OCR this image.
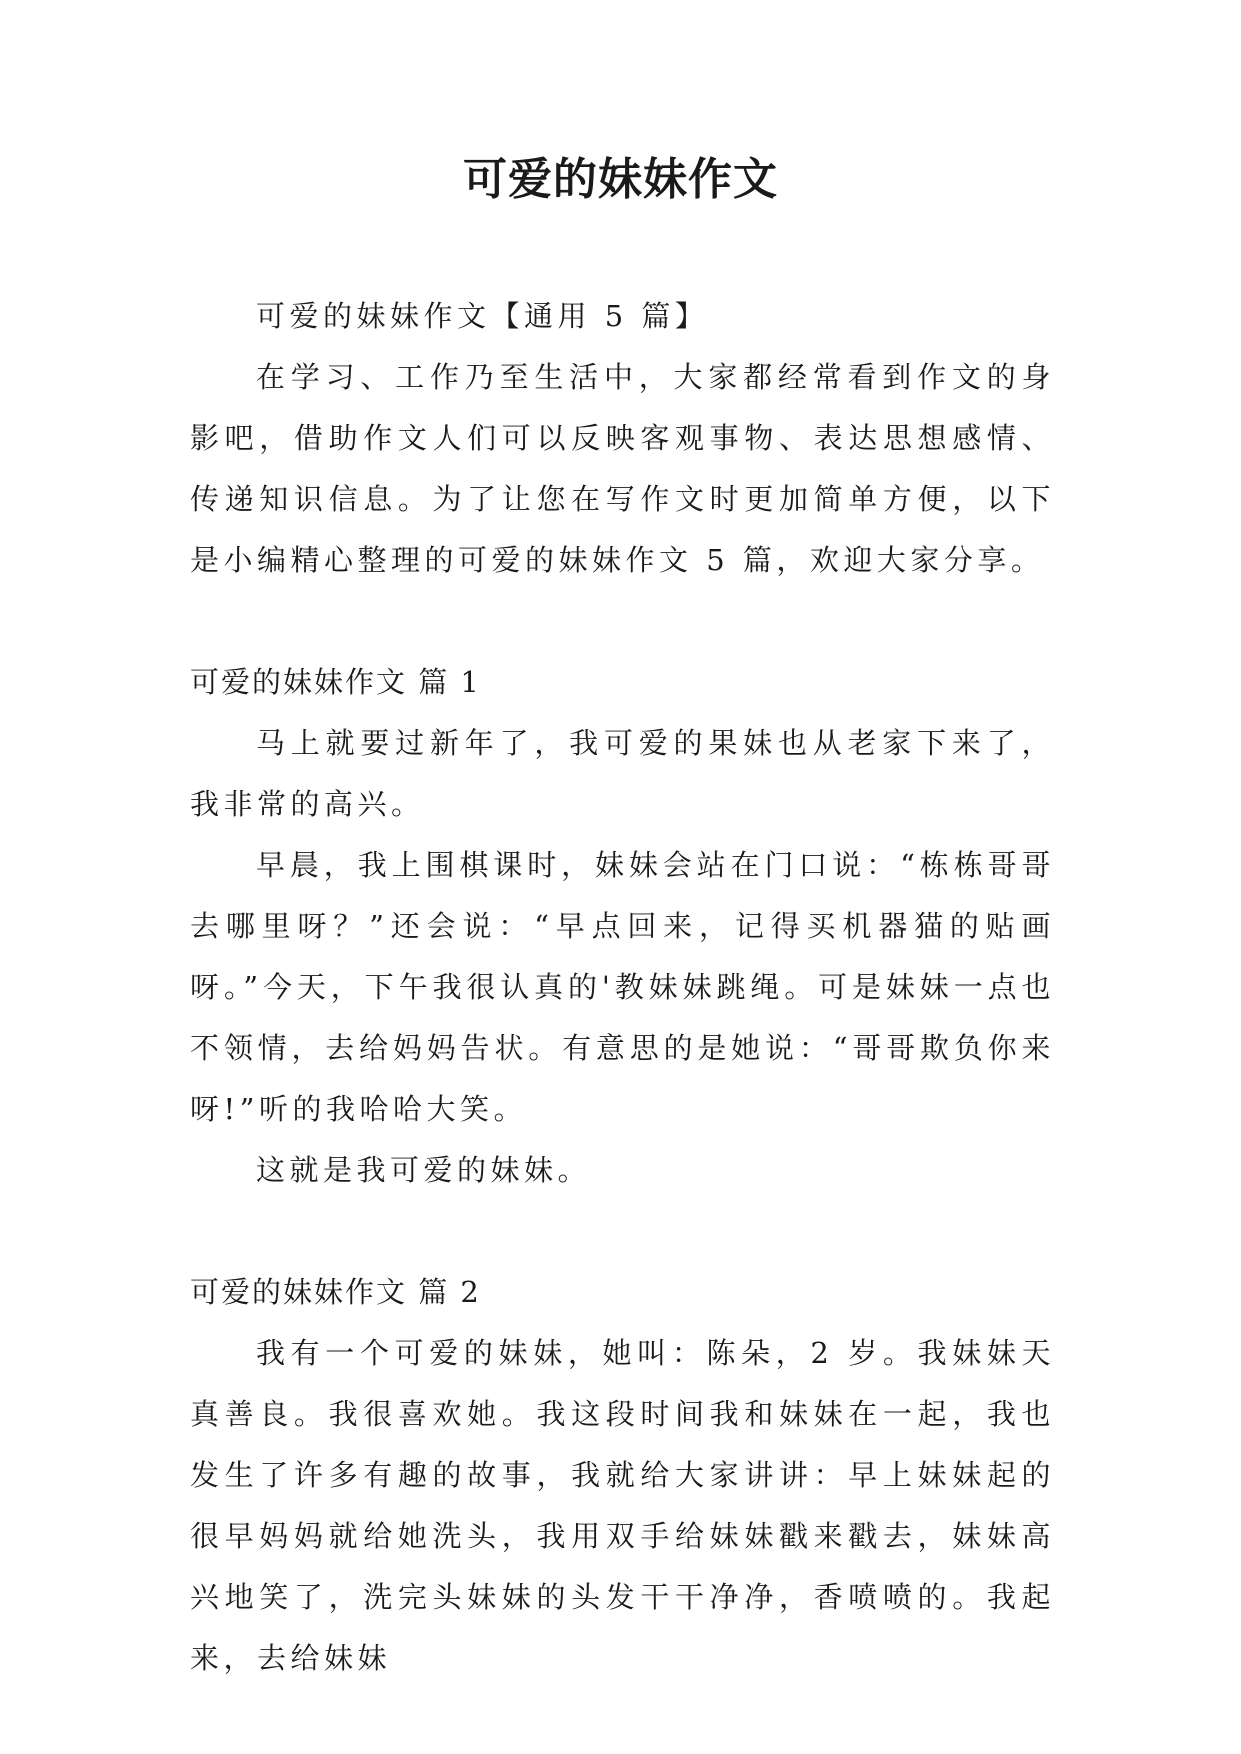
可爱的妹妹作文

可爱的妹妹作文【通用 5 篇】

在学习、工作乃至生活中，大家都经常看到作文的身影吧，借助作文人们可以反映客观事物、表达思想感情、传递知识信息。为了让您在写作文时更加简单方便，以下是小编精心整理的可爱的妹妹作文 5 篇，欢迎大家分享。

可爱的妹妹作文 篇 1

马上就要过新年了，我可爱的果妹也从老家下来了，我非常的高兴。

早晨，我上围棋课时，妹妹会站在门口说：“栋栋哥哥去哪里呀？”还会说：“早点回来，记得买机器猫的贴画呀。”今天，下午我很认真的'教妹妹跳绳。可是妹妹一点也不领情，去给妈妈告状。有意思的是她说：“哥哥欺负你来呀!”听的我哈哈大笑。

这就是我可爱的妹妹。

可爱的妹妹作文 篇 2

我有一个可爱的妹妹，她叫：陈朵，2 岁。我妹妹天真善良。我很喜欢她。我这段时间我和妹妹在一起，我也发生了许多有趣的故事，我就给大家讲讲：早上妹妹起的很早妈妈就给她洗头，我用双手给妹妹戳来戳去，妹妹高兴地笑了，洗完头妹妹的头发干干净净，香喷喷的。我起来，去给妹妹
